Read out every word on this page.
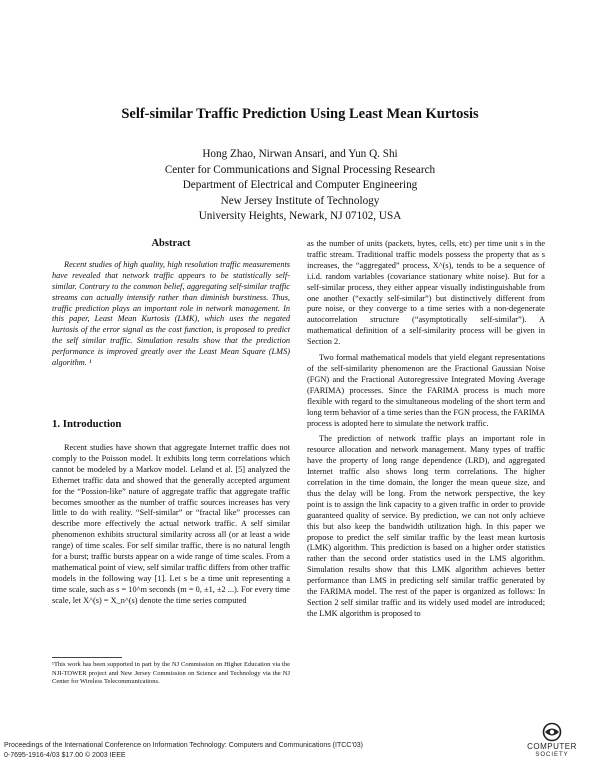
Self-similar Traffic Prediction Using Least Mean Kurtosis
Hong Zhao, Nirwan Ansari, and Yun Q. Shi
Center for Communications and Signal Processing Research
Department of Electrical and Computer Engineering
New Jersey Institute of Technology
University Heights, Newark, NJ 07102, USA
Abstract

Recent studies of high quality, high resolution traffic measurements have revealed that network traffic appears to be statistically self-similar. Contrary to the common belief, aggregating self-similar traffic streams can actually intensify rather than diminish burstiness. Thus, traffic prediction plays an important role in network management. In this paper, Least Mean Kurtosis (LMK), which uses the negated kurtosis of the error signal as the cost function, is proposed to predict the self similar traffic. Simulation results show that the prediction performance is improved greatly over the Least Mean Square (LMS) algorithm. ¹

1. Introduction

Recent studies have shown that aggregate Internet traffic does not comply to the Poisson model. It exhibits long term correlations which cannot be modeled by a Markov model. Leland et al. [5] analyzed the Ethernet traffic data and showed that the generally accepted argument for the “Possion-like” nature of aggregate traffic that aggregate traffic becomes smoother as the number of traffic sources increases has very little to do with reality. “Self-similar” or “fractal like” processes can describe more effectively the actual network traffic. A self similar phenomenon exhibits structural similarity across all (or at least a wide range) of time scales. For self similar traffic, there is no natural length for a burst; traffic bursts appear on a wide range of time scales. From a mathematical point of view, self similar traffic differs from other traffic models in the following way [1]. Let s be a time unit representing a time scale, such as s = 10^m seconds (m = 0, ±1, ±2 ...). For every time scale, let X^(s) = X_n^(s) denote the time series computed

as the number of units (packets, bytes, cells, etc) per time unit s in the traffic stream. Traditional traffic models possess the property that as s increases, the “aggregated” process, X^(s), tends to be a sequence of i.i.d. random variables (covariance stationary white noise). But for a self-similar process, they either appear visually indistinguishable from one another (“exactly self-similar”) but distinctively different from pure noise, or they converge to a time series with a non-degenerate autocorrelation structure (“asymptotically self-similar”). A mathematical definition of a self-similarity process will be given in Section 2.

Two formal mathematical models that yield elegant representations of the self-similarity phenomenon are the Fractional Gaussian Noise (FGN) and the Fractional Autoregressive Integrated Moving Average (FARIMA) processes. Since the FARIMA process is much more flexible with regard to the simultaneous modeling of the short term and long term behavior of a time series than the FGN process, the FARIMA process is adopted here to simulate the network traffic.

The prediction of network traffic plays an important role in resource allocation and network management. Many types of traffic have the property of long range dependence (LRD), and aggregated Internet traffic also shows long term correlations. The higher correlation in the time domain, the longer the mean queue size, and thus the delay will be long. From the network perspective, the key point is to assign the link capacity to a given traffic in order to provide guaranteed quality of service. By prediction, we can not only achieve this but also keep the bandwidth utilization high. In this paper we propose to predict the self similar traffic by the least mean kurtosis (LMK) algorithm. This prediction is based on a higher order statistics rather than the second order statistics used in the LMS algorithm. Simulation results show that this LMK algorithm achieves better performance than LMS in predicting self similar traffic generated by the FARIMA model. The rest of the paper is organized as follows: In Section 2 self similar traffic and its widely used model are introduced; the LMK algorithm is proposed to

¹This work has been supported in part by the NJ Commission on Higher Education via the NJI-TOWER project and New Jersey Commission on Science and Technology via the NJ Center for Wireless Telecommunications.
Proceedings of the International Conference on Information Technology: Computers and Communications (ITCC’03)
0-7695-1916-4/03 $17.00 © 2003 IEEE
COMPUTER
SOCIETY
